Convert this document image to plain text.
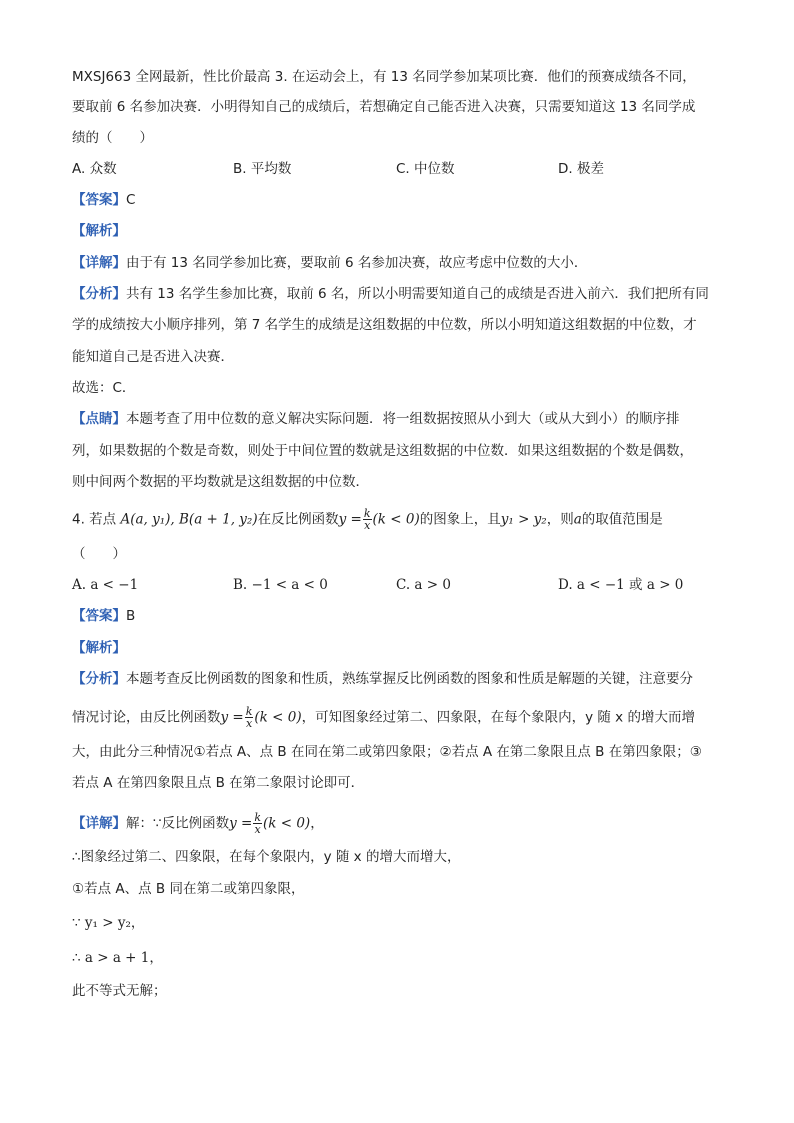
MXSJ663 全网最新，性比价最高 3. 在运动会上，有 13 名同学参加某项比赛．他们的预赛成绩各不同，
要取前 6 名参加决赛．小明得知自己的成绩后，若想确定自己能否进入决赛，只需要知道这 13 名同学成
绩的（　　）
A. 众数	B. 平均数	C. 中位数	D. 极差
【答案】C
【解析】
【详解】由于有 13 名同学参加比赛，要取前 6 名参加决赛，故应考虑中位数的大小．
【分析】共有 13 名学生参加比赛，取前 6 名，所以小明需要知道自己的成绩是否进入前六．我们把所有同
学的成绩按大小顺序排列，第 7 名学生的成绩是这组数据的中位数，所以小明知道这组数据的中位数，才
能知道自己是否进入决赛．
故选：C．
【点睛】本题考查了用中位数的意义解决实际问题．将一组数据按照从小到大（或从大到小）的顺序排
列，如果数据的个数是奇数，则处于中间位置的数就是这组数据的中位数．如果这组数据的个数是偶数，
则中间两个数据的平均数就是这组数据的中位数．
4. 若点 A(a, y₁), B(a + 1, y₂)在反比例函数$y = \frac{k}{x} (k < 0)$的图象上，且y₁ > y₂，则a的取值范围是
（　　）
A. a < −1	B. −1 < a < 0	C. a > 0	D. a < −1 或 a > 0
【答案】B
【解析】
【分析】本题考查反比例函数的图象和性质，熟练掌握反比例函数的图象和性质是解题的关键，注意要分
情况讨论，由反比例函数$y = \frac{k}{x} (k < 0)$，可知图象经过第二、四象限，在每个象限内，y 随 x 的增大而增
大，由此分三种情况①若点 A、点 B 在同在第二或第四象限；②若点 A 在第二象限且点 B 在第四象限；③
若点 A 在第四象限且点 B 在第二象限讨论即可．
【详解】解：∵反比例函数$y = \frac{k}{x} (k < 0)$，
∴图象经过第二、四象限，在每个象限内，y 随 x 的增大而增大，
①若点 A、点 B 同在第二或第四象限，
∵ y₁ > y₂，
∴ a > a + 1，
此不等式无解；
